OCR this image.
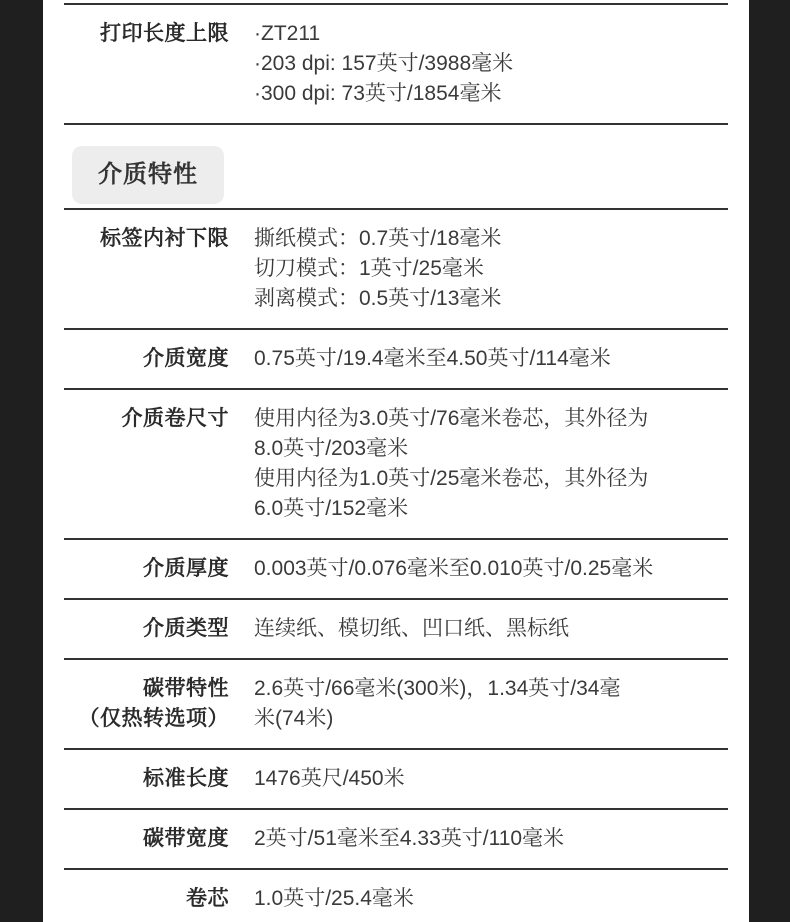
打印长度上限 ·ZT211
·203 dpi: 157英寸/3988毫米
·300 dpi: 73英寸/1854毫米
介质特性
标签内衬下限 撕纸模式：0.7英寸/18毫米
切刀模式：1英寸/25毫米
剥离模式：0.5英寸/13毫米
介质宽度 0.75英寸/19.4毫米至4.50英寸/114毫米
介质卷尺寸 使用内径为3.0英寸/76毫米卷芯，其外径为
8.0英寸/203毫米
使用内径为1.0英寸/25毫米卷芯，其外径为
6.0英寸/152毫米
介质厚度 0.003英寸/0.076毫米至0.010英寸/0.25毫米
介质类型 连续纸、模切纸、凹口纸、黑标纸
碳带特性
（仅热转选项）
2.6英寸/66毫米(300米)，1.34英寸/34毫
米(74米)
标准长度 1476英尺/450米
碳带宽度 2英寸/51毫米至4.33英寸/110毫米
卷芯 1.0英寸/25.4毫米
